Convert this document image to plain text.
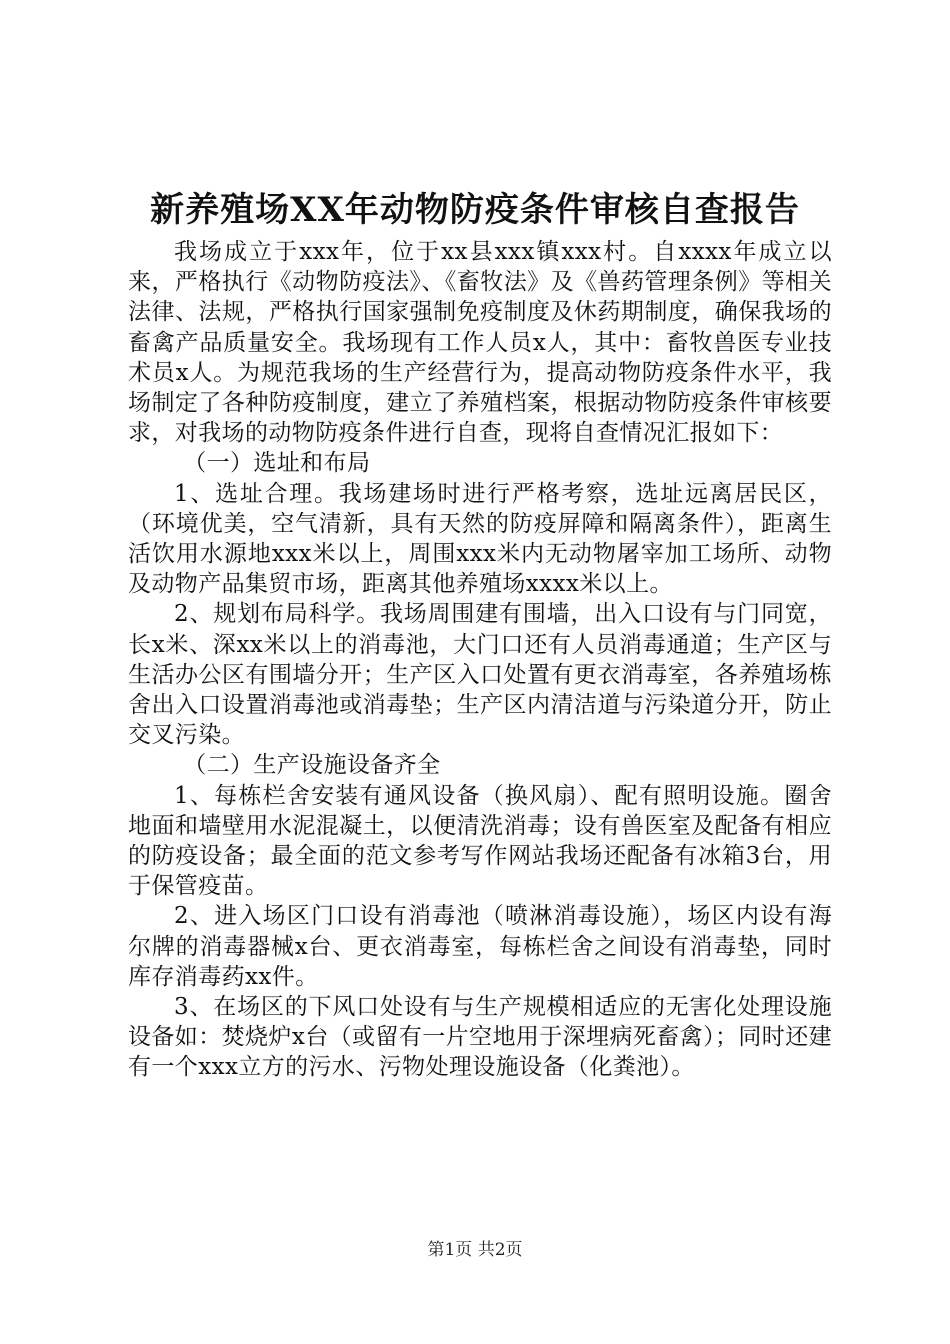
新养殖场XX年动物防疫条件审核自查报告

我场成立于xxx年，位于xx县xxx镇xxx村。自xxxx年成立以来，严格执行《动物防疫法》、《畜牧法》及《兽药管理条例》等相关法律、法规，严格执行国家强制免疫制度及休药期制度，确保我场的畜禽产品质量安全。我场现有工作人员x人，其中：畜牧兽医专业技术员x人。为规范我场的生产经营行为，提高动物防疫条件水平，我场制定了各种防疫制度，建立了养殖档案，根据动物防疫条件审核要求，对我场的动物防疫条件进行自查，现将自查情况汇报如下：

（一）选址和布局

1、选址合理。我场建场时进行严格考察，选址远离居民区，（环境优美，空气清新，具有天然的防疫屏障和隔离条件），距离生活饮用水源地xxx米以上，周围xxx米内无动物屠宰加工场所、动物及动物产品集贸市场，距离其他养殖场xxxx米以上。

2、规划布局科学。我场周围建有围墙，出入口设有与门同宽，长x米、深xx米以上的消毒池，大门口还有人员消毒通道；生产区与生活办公区有围墙分开；生产区入口处置有更衣消毒室，各养殖场栋舍出入口设置消毒池或消毒垫；生产区内清洁道与污染道分开，防止交叉污染。

（二）生产设施设备齐全

1、每栋栏舍安装有通风设备（换风扇）、配有照明设施。圈舍地面和墙壁用水泥混凝土，以便清洗消毒；设有兽医室及配备有相应的防疫设备；最全面的范文参考写作网站我场还配备有冰箱3台，用于保管疫苗。

2、进入场区门口设有消毒池（喷淋消毒设施），场区内设有海尔牌的消毒器械x台、更衣消毒室，每栋栏舍之间设有消毒垫，同时库存消毒药xx件。

3、在场区的下风口处设有与生产规模相适应的无害化处理设施设备如：焚烧炉x台（或留有一片空地用于深埋病死畜禽）；同时还建有一个xxx立方的污水、污物处理设施设备（化粪池）。

第1页 共2页
